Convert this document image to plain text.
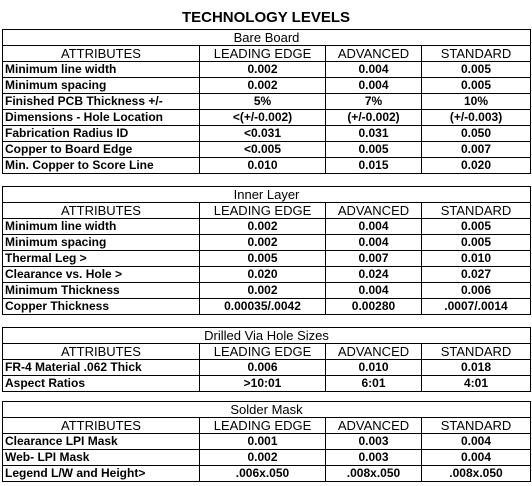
TECHNOLOGY LEVELS
Bare Board			
ATTRIBUTES	LEADING EDGE	ADVANCED	STANDARD
Minimum line width	0.002	0.004	0.005
Minimum spacing	0.002	0.004	0.005
Finished PCB Thickness +/-	5%	7%	10%
Dimensions - Hole Location	<(+/-0.002)	(+/-0.002)	(+/-0.003)
Fabrication Radius ID	<0.031	0.031	0.050
Copper to Board Edge	<0.005	0.005	0.007
Min. Copper to Score Line	0.010	0.015	0.020
Inner Layer			
ATTRIBUTES	LEADING EDGE	ADVANCED	STANDARD
Minimum line width	0.002	0.004	0.005
Minimum spacing	0.002	0.004	0.005
Thermal Leg >	0.005	0.007	0.010
Clearance vs. Hole >	0.020	0.024	0.027
Minimum Thickness	0.002	0.004	0.006
Copper Thickness	0.00035/.0042	0.00280	.0007/.0014
Drilled Via Hole Sizes			
ATTRIBUTES	LEADING EDGE	ADVANCED	STANDARD
FR-4 Material .062 Thick	0.006	0.010	0.018
Aspect Ratios	>10:01	6:01	4:01
Solder Mask			
ATTRIBUTES	LEADING EDGE	ADVANCED	STANDARD
Clearance LPI Mask	0.001	0.003	0.004
Web- LPI Mask	0.002	0.003	0.004
Legend L/W and Height>	.006x.050	.008x.050	.008x.050
